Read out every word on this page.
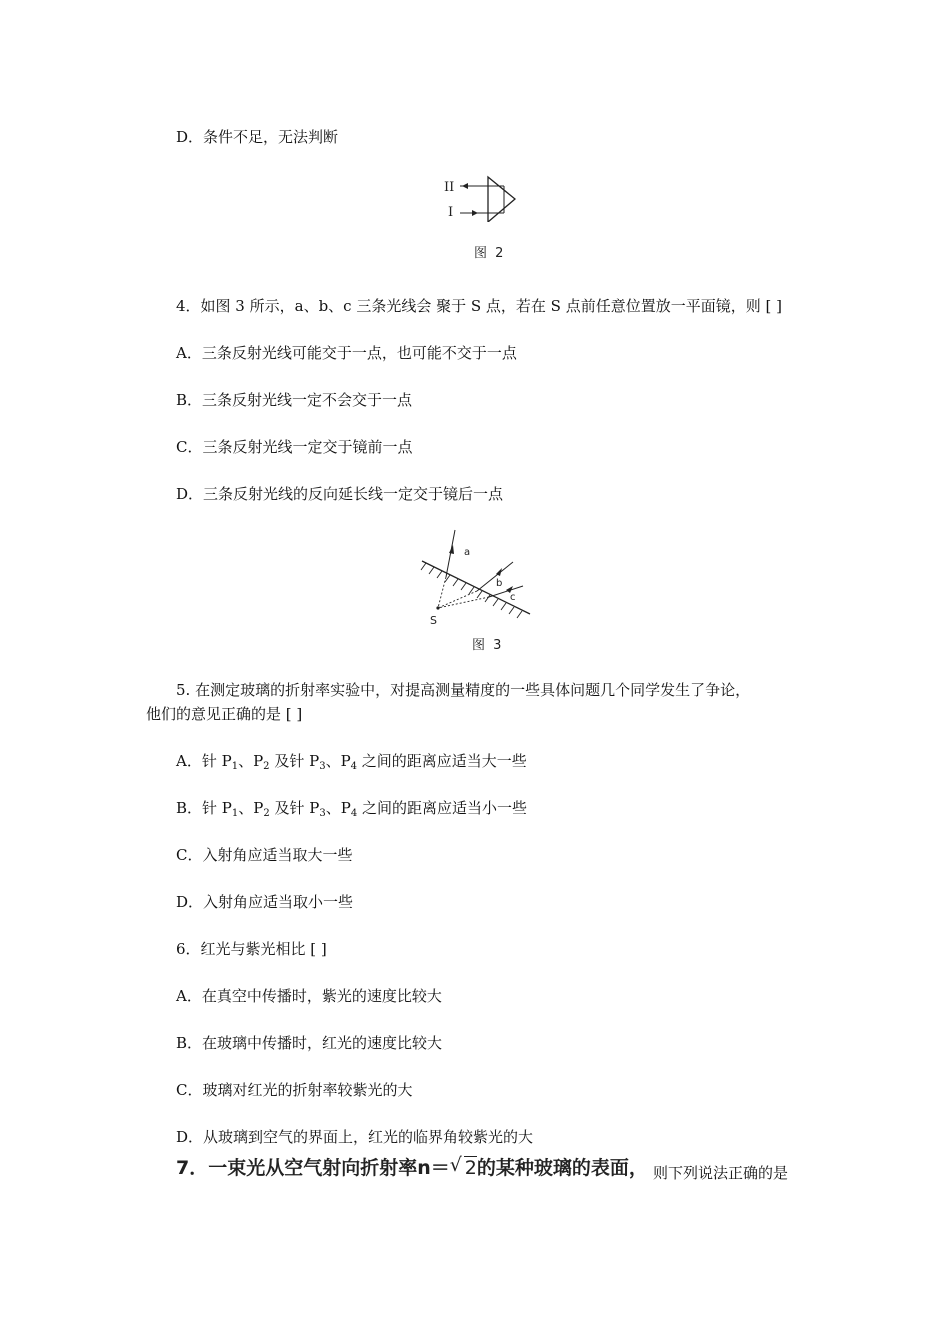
D．条件不足，无法判断
II
I
图 2
4．如图 3 所示，a、b、c 三条光线会 聚于 S 点，若在 S 点前任意位置放一平面镜，则 [ ]
A．三条反射光线可能交于一点，也可能不交于一点
B．三条反射光线一定不会交于一点
C．三条反射光线一定交于镜前一点
D．三条反射光线的反向延长线一定交于镜后一点
a
b
c
S
图 3
5. 在测定玻璃的折射率实验中，对提高测量精度的一些具体问题几个同学发生了争论，
他们的意见正确的是 [ ]
A．针 $P_1$、$P_2$ 及针 $P_3$、$P_4$ 之间的距离应适当大一些
B．针 $P_1$、$P_2$ 及针 $P_3$、$P_4$ 之间的距离应适当小一些
C．入射角应适当取大一些
D．入射角应适当取小一些
6．红光与紫光相比 [ ]
A．在真空中传播时，紫光的速度比较大
B．在玻璃中传播时，红光的速度比较大
C．玻璃对红光的折射率较紫光的大
D．从玻璃到空气的界面上，红光的临界角较紫光的大
7．一束光从空气射向折射率n＝ √ 2的某种玻璃的表面， 则下列说法正确的是
